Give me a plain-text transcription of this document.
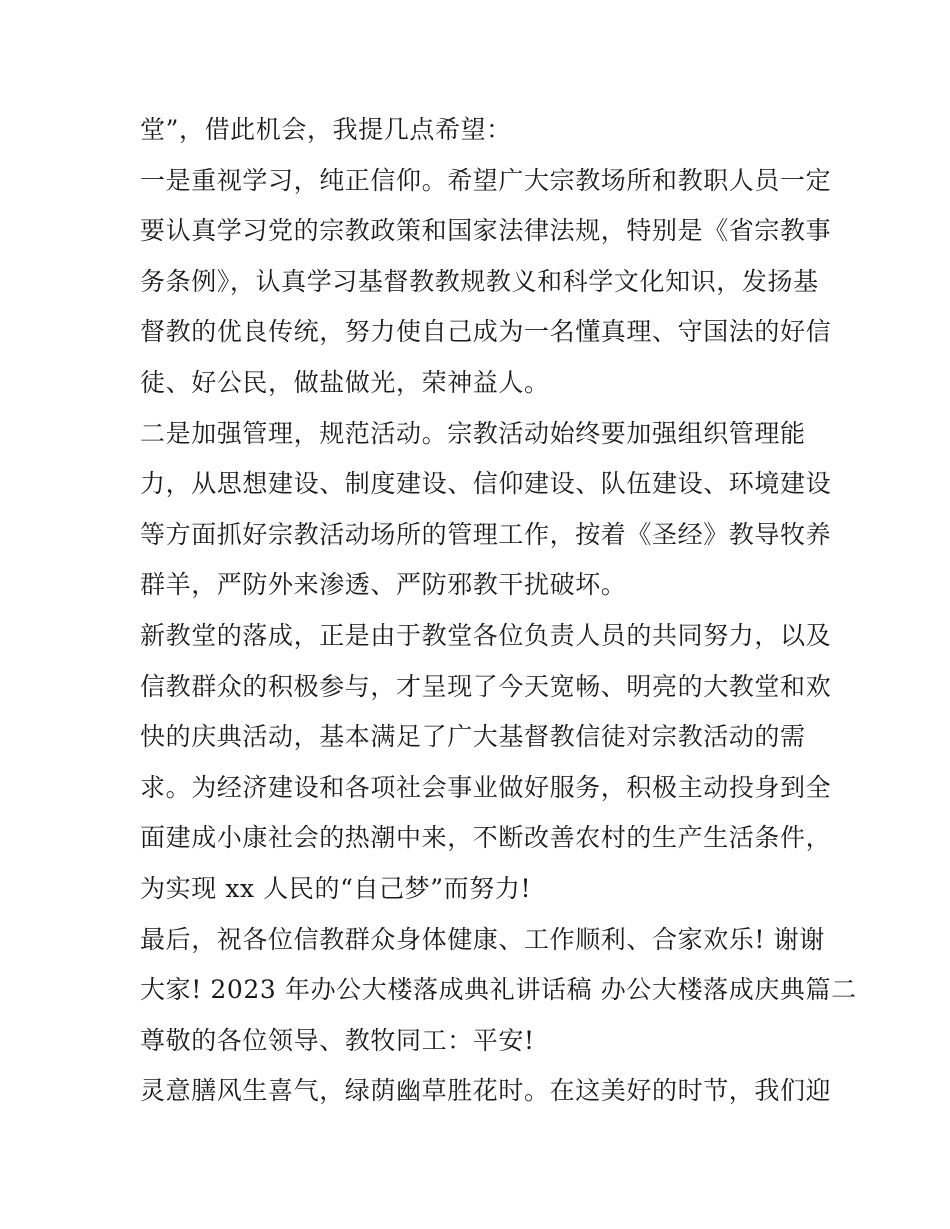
堂”，借此机会，我提几点希望：
一是重视学习，纯正信仰。希望广大宗教场所和教职人员一定
要认真学习党的宗教政策和国家法律法规，特别是《省宗教事
务条例》，认真学习基督教教规教义和科学文化知识，发扬基
督教的优良传统，努力使自己成为一名懂真理、守国法的好信
徒、好公民，做盐做光，荣神益人。
二是加强管理，规范活动。宗教活动始终要加强组织管理能
力，从思想建设、制度建设、信仰建设、队伍建设、环境建设
等方面抓好宗教活动场所的管理工作，按着《圣经》教导牧养
群羊，严防外来渗透、严防邪教干扰破坏。
新教堂的落成，正是由于教堂各位负责人员的共同努力，以及
信教群众的积极参与，才呈现了今天宽畅、明亮的大教堂和欢
快的庆典活动，基本满足了广大基督教信徒对宗教活动的需
求。为经济建设和各项社会事业做好服务，积极主动投身到全
面建成小康社会的热潮中来，不断改善农村的生产生活条件，
为实现 xx 人民的“自己梦”而努力!
最后，祝各位信教群众身体健康、工作顺利、合家欢乐! 谢谢
大家! 2023 年办公大楼落成典礼讲话稿 办公大楼落成庆典篇二
尊敬的各位领导、教牧同工：平安!
灵意膳风生喜气，绿荫幽草胜花时。在这美好的时节，我们迎
